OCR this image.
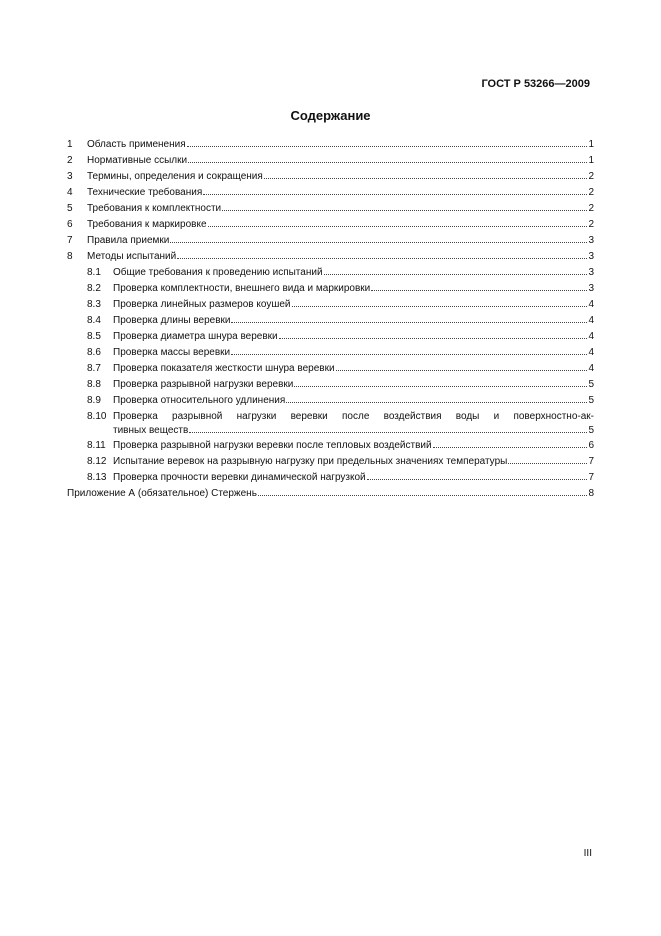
ГОСТ Р 53266—2009
Содержание
1	Область применения	1
2	Нормативные ссылки	1
3	Термины, определения и сокращения	2
4	Технические требования	2
5	Требования к комплектности	2
6	Требования к маркировке	2
7	Правила приемки	3
8	Методы испытаний	3
8.1	Общие требования к проведению испытаний	3
8.2	Проверка комплектности, внешнего вида и маркировки	3
8.3	Проверка линейных размеров коушей	4
8.4	Проверка длины веревки	4
8.5	Проверка диаметра шнура веревки	4
8.6	Проверка массы веревки	4
8.7	Проверка показателя жесткости шнура веревки	4
8.8	Проверка разрывной нагрузки веревки	5
8.9	Проверка относительного удлинения	5
8.10 Проверка разрывной нагрузки веревки после воздействия воды и поверхностно-ак-
тивных веществ	5
8.11 Проверка разрывной нагрузки веревки после тепловых воздействий	6
8.12 Испытание веревок на разрывную нагрузку при предельных значениях температуры	7
8.13 Проверка прочности веревки динамической нагрузкой	7
Приложение А (обязательное) Стержень	8
III
